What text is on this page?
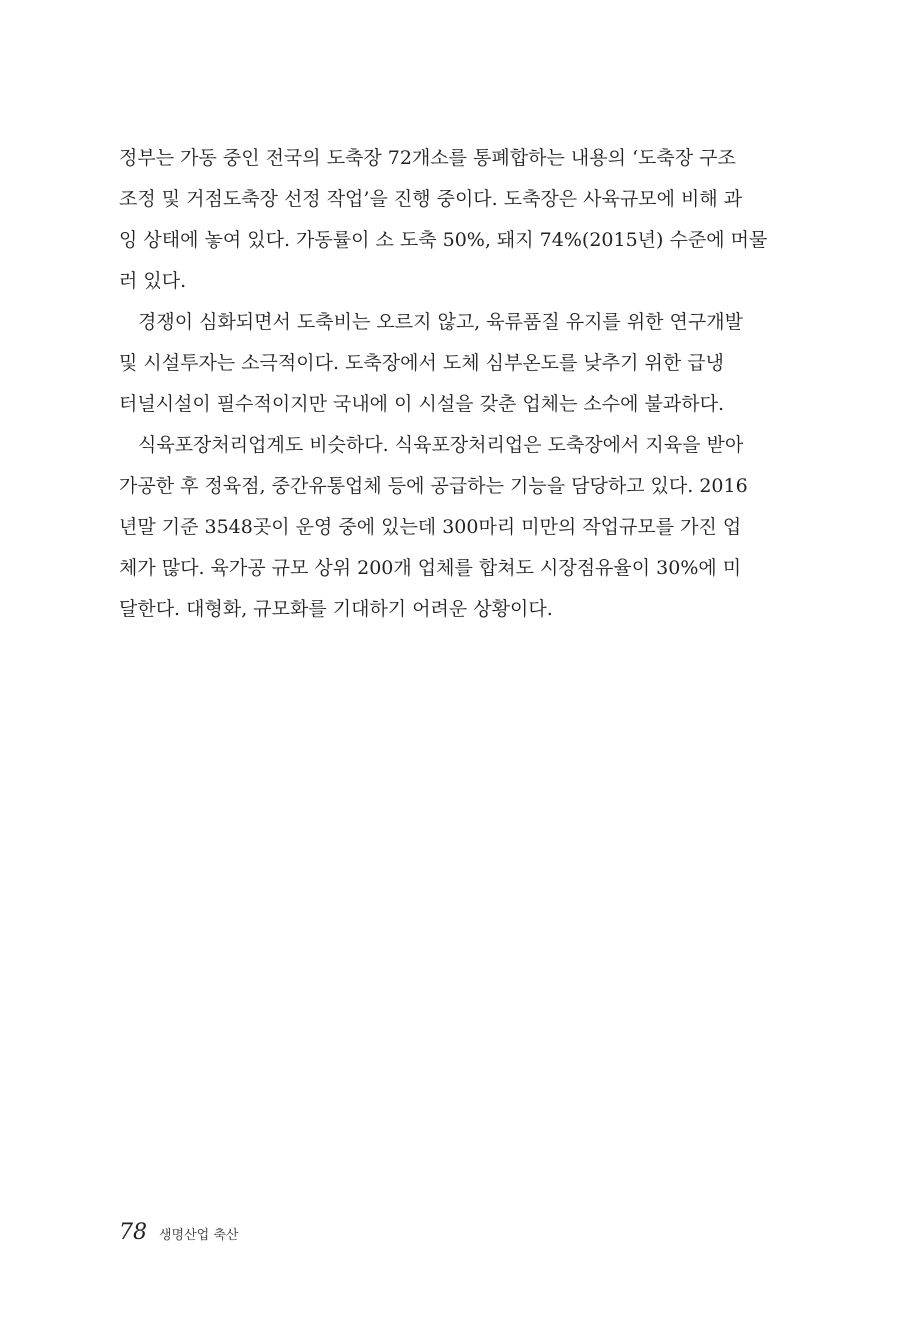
정부는 가동 중인 전국의 도축장 72개소를 통폐합하는 내용의 ‘도축장 구조
조정 및 거점도축장 선정 작업’을 진행 중이다. 도축장은 사육규모에 비해 과
잉 상태에 놓여 있다. 가동률이 소 도축 50%, 돼지 74%(2015년) 수준에 머물
러 있다.
경쟁이 심화되면서 도축비는 오르지 않고, 육류품질 유지를 위한 연구개발
및 시설투자는 소극적이다. 도축장에서 도체 심부온도를 낮추기 위한 급냉
터널시설이 필수적이지만 국내에 이 시설을 갖춘 업체는 소수에 불과하다.
식육포장처리업계도 비슷하다. 식육포장처리업은 도축장에서 지육을 받아
가공한 후 정육점, 중간유통업체 등에 공급하는 기능을 담당하고 있다. 2016
년말 기준 3548곳이 운영 중에 있는데 300마리 미만의 작업규모를 가진 업
체가 많다. 육가공 규모 상위 200개 업체를 합쳐도 시장점유율이 30%에 미
달한다. 대형화, 규모화를 기대하기 어려운 상황이다.
78 생명산업 축산
